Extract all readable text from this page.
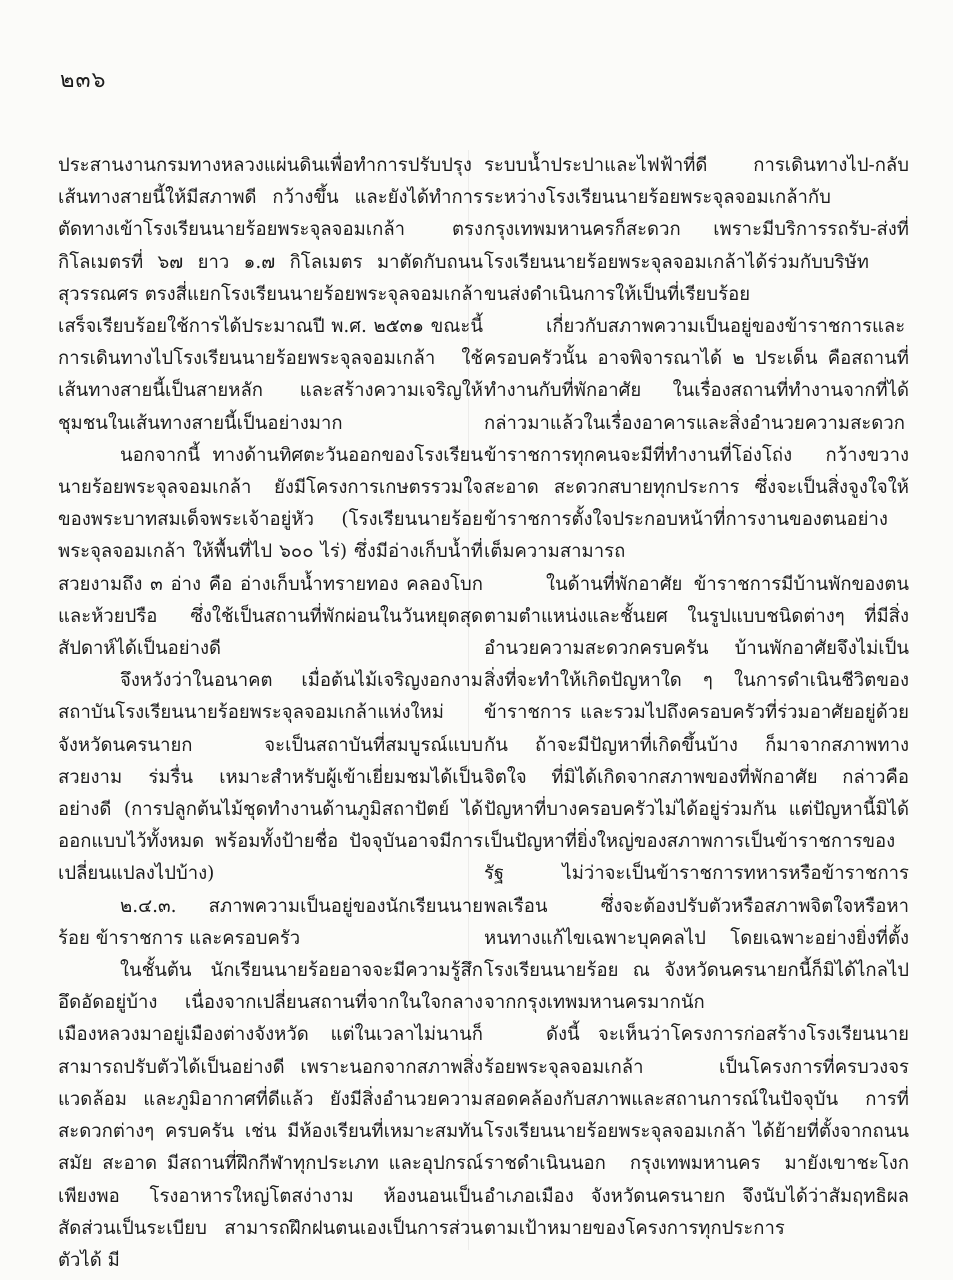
๒๓๖

ประสานงานกรมทางหลวงแผ่นดินเพื่อทำการปรับปรุงเส้นทางสายนี้ให้มีสภาพดี กว้างขึ้น และยังได้ทำการตัดทางเข้าโรงเรียนนายร้อยพระจุลจอมเกล้า ตรงกิโลเมตรที่ ๖๗ ยาว ๑.๗ กิโลเมตร มาตัดกับถนนสุวรรณศร ตรงสี่แยกโรงเรียนนายร้อยพระจุลจอมเกล้า เสร็จเรียบร้อยใช้การได้ประมาณปี พ.ศ. ๒๕๓๑ ขณะนี้การเดินทางไปโรงเรียนนายร้อยพระจุลจอมเกล้า ใช้เส้นทางสายนี้เป็นสายหลัก และสร้างความเจริญให้ชุมชนในเส้นทางสายนี้เป็นอย่างมาก

นอกจากนี้ ทางด้านทิศตะวันออกของโรงเรียนนายร้อยพระจุลจอมเกล้า ยังมีโครงการเกษตรรวมใจของพระบาทสมเด็จพระเจ้าอยู่หัว (โรงเรียนนายร้อยพระจุลจอมเกล้า ให้พื้นที่ไป ๖๐๐ ไร่) ซึ่งมีอ่างเก็บน้ำที่สวยงามถึง ๓ อ่าง คือ อ่างเก็บน้ำทรายทอง คลองโบกและห้วยปรือ ซึ่งใช้เป็นสถานที่พักผ่อนในวันหยุดสุดสัปดาห์ได้เป็นอย่างดี

จึงหวังว่าในอนาคต เมื่อต้นไม้เจริญงอกงาม สถาบันโรงเรียนนายร้อยพระจุลจอมเกล้าแห่งใหม่ จังหวัดนครนายก จะเป็นสถาบันที่สมบูรณ์แบบ สวยงาม ร่มรื่น เหมาะสำหรับผู้เข้าเยี่ยมชมได้เป็นอย่างดี (การปลูกต้นไม้ชุดทำงานด้านภูมิสถาปัตย์ ได้ออกแบบไว้ทั้งหมด พร้อมทั้งป้ายชื่อ ปัจจุบันอาจมีการเปลี่ยนแปลงไปบ้าง)

๒.๔.๓. สภาพความเป็นอยู่ของนักเรียนนายร้อย ข้าราชการ และครอบครัว

ในชั้นต้น นักเรียนนายร้อยอาจจะมีความรู้สึกอึดอัดอยู่บ้าง เนื่องจากเปลี่ยนสถานที่จากในใจกลางเมืองหลวงมาอยู่เมืองต่างจังหวัด แต่ในเวลาไม่นานก็สามารถปรับตัวได้เป็นอย่างดี เพราะนอกจากสภาพสิ่งแวดล้อม และภูมิอากาศที่ดีแล้ว ยังมีสิ่งอำนวยความสะดวกต่างๆ ครบครัน เช่น มีห้องเรียนที่เหมาะสมทันสมัย สะอาด มีสถานที่ฝึกกีฬาทุกประเภท และอุปกรณ์เพียงพอ โรงอาหารใหญ่โตสง่างาม ห้องนอนเป็นสัดส่วนเป็นระเบียบ สามารถฝึกฝนตนเองเป็นการส่วนตัวได้ มี

ระบบน้ำประปาและไฟฟ้าที่ดี การเดินทางไป-กลับ ระหว่างโรงเรียนนายร้อยพระจุลจอมเกล้ากับกรุงเทพมหานครก็สะดวก เพราะมีบริการรถรับ-ส่งที่โรงเรียนนายร้อยพระจุลจอมเกล้าได้ร่วมกับบริษัทขนส่งดำเนินการให้เป็นที่เรียบร้อย

เกี่ยวกับสภาพความเป็นอยู่ของข้าราชการและครอบครัวนั้น อาจพิจารณาได้ ๒ ประเด็น คือสถานที่ทำงานกับที่พักอาศัย ในเรื่องสถานที่ทำงานจากที่ได้กล่าวมาแล้วในเรื่องอาคารและสิ่งอำนวยความสะดวก ข้าราชการทุกคนจะมีที่ทำงานที่โอ่งโถ่ง กว้างขวาง สะอาด สะดวกสบายทุกประการ ซึ่งจะเป็นสิ่งจูงใจให้ข้าราชการตั้งใจประกอบหน้าที่การงานของตนอย่างเต็มความสามารถ

ในด้านที่พักอาศัย ข้าราชการมีบ้านพักของตนตามตำแหน่งและชั้นยศ ในรูปแบบชนิดต่างๆ ที่มีสิ่งอำนวยความสะดวกครบครัน บ้านพักอาศัยจึงไม่เป็นสิ่งที่จะทำให้เกิดปัญหาใด ๆ ในการดำเนินชีวิตของข้าราชการ และรวมไปถึงครอบครัวที่ร่วมอาศัยอยู่ด้วยกัน ถ้าจะมีปัญหาที่เกิดขึ้นบ้าง ก็มาจากสภาพทางจิตใจ ที่มิได้เกิดจากสภาพของที่พักอาศัย กล่าวคือ ปัญหาที่บางครอบครัวไม่ได้อยู่ร่วมกัน แต่ปัญหานี้มิได้เป็นปัญหาที่ยิ่งใหญ่ของสภาพการเป็นข้าราชการของรัฐ ไม่ว่าจะเป็นข้าราชการทหารหรือข้าราชการพลเรือน ซึ่งจะต้องปรับตัวหรือสภาพจิตใจหรือหาหนทางแก้ไขเฉพาะบุคคลไป โดยเฉพาะอย่างยิ่งที่ตั้งโรงเรียนนายร้อย ณ จังหวัดนครนายกนี้ก็มิได้ไกลไปจากกรุงเทพมหานครมากนัก

ดังนี้ จะเห็นว่าโครงการก่อสร้างโรงเรียนนายร้อยพระจุลจอมเกล้า เป็นโครงการที่ครบวงจรสอดคล้องกับสภาพและสถานการณ์ในปัจจุบัน การที่โรงเรียนนายร้อยพระจุลจอมเกล้า ได้ย้ายที่ตั้งจากถนนราชดำเนินนอก กรุงเทพมหานคร มายังเขาชะโงก อำเภอเมือง จังหวัดนครนายก จึงนับได้ว่าสัมฤทธิผลตามเป้าหมายของโครงการทุกประการ
